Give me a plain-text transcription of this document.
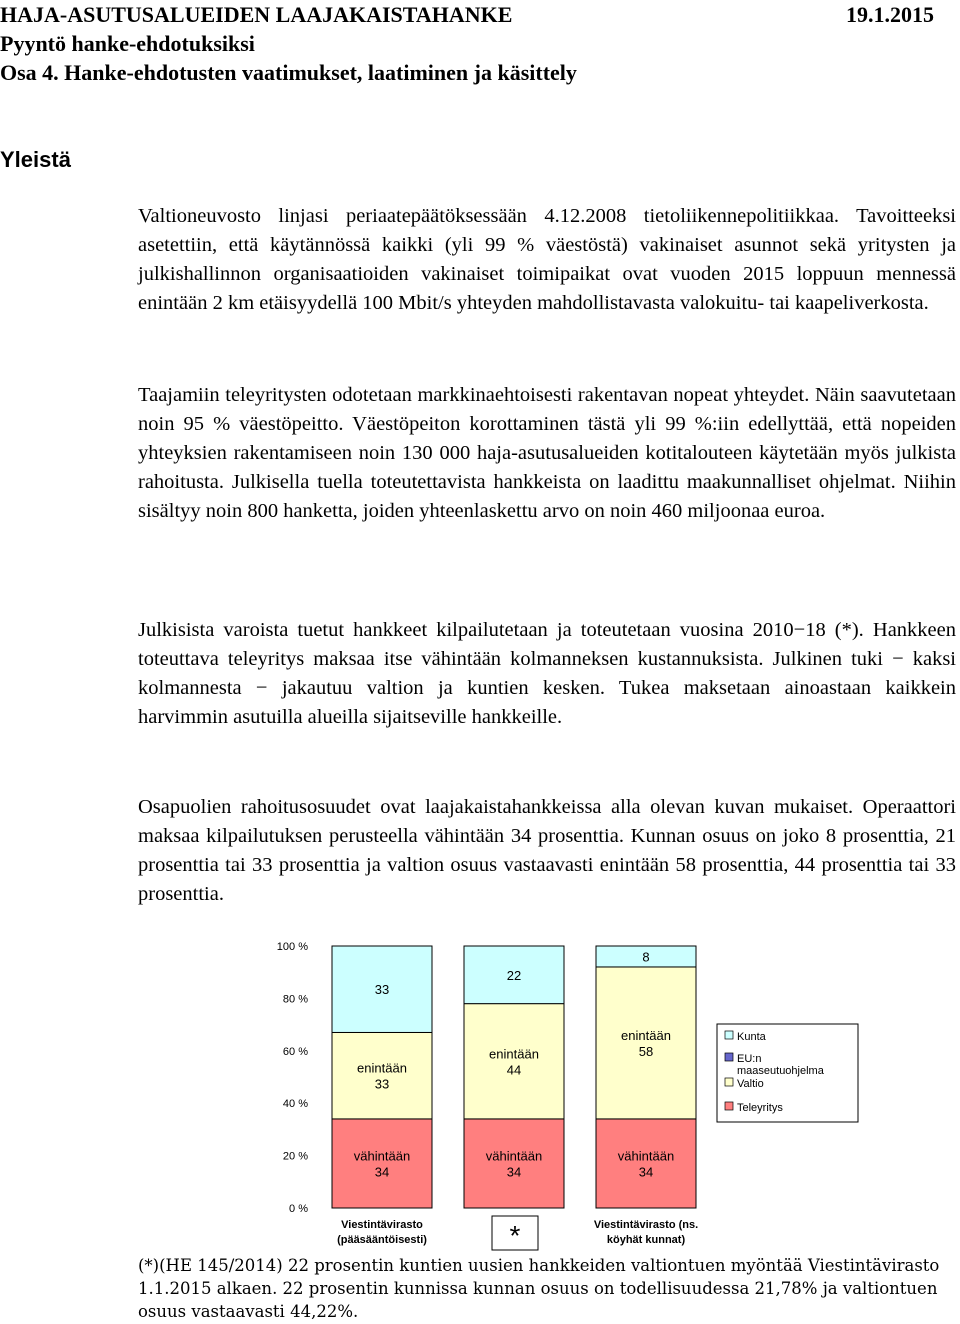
HAJA-ASUTUSALUEIDEN LAAJAKAISTAHANKE	19.1.2015
Pyyntö hanke-ehdotuksiksi
Osa 4. Hanke-ehdotusten vaatimukset, laatiminen ja käsittely
Yleistä

Valtioneuvosto linjasi periaatepäätöksessään 4.12.2008 tietoliikennepolitiikkaa. Tavoitteeksi asetettiin, että käytännössä kaikki (yli 99 % väestöstä) vakinaiset asunnot sekä yritysten ja julkishallinnon organisaatioiden vakinaiset toimipaikat ovat vuoden 2015 loppuun mennessä enintään 2 km etäisyydellä 100 Mbit/s yhteyden mahdollistavasta valokuitu- tai kaapeliverkosta.

Taajamiin teleyritysten odotetaan markkinaehtoisesti rakentavan nopeat yhteydet. Näin saavutetaan noin 95 % väestöpeitto. Väestöpeiton korottaminen tästä yli 99 %:iin edellyttää, että nopeiden yhteyksien rakentamiseen noin 130 000 haja-asutusalueiden kotitalouteen käytetään myös julkista rahoitusta. Julkisella tuella toteutettavista hankkeista on laadittu maakunnalliset ohjelmat. Niihin sisältyy noin 800 hanketta, joiden yhteenlaskettu arvo on noin 460 miljoonaa euroa.

Julkisista varoista tuetut hankkeet kilpailutetaan ja toteutetaan vuosina 2010−18 (*). Hankkeen toteuttava teleyritys maksaa itse vähintään kolmanneksen kustannuksista. Julkinen tuki − kaksi kolmannesta − jakautuu valtion ja kuntien kesken. Tukea maksetaan ainoastaan kaikkein harvimmin asutuilla alueilla sijaitseville hankkeille.

Osapuolien rahoitusosuudet ovat laajakaistahankkeissa alla olevan kuvan mukaiset. Operaattori maksaa kilpailutuksen perusteella vähintään 34 prosenttia. Kunnan osuus on joko 8 prosenttia, 21 prosenttia tai 33 prosenttia ja valtion osuus vastaavasti enintään 58 prosenttia, 44 prosenttia tai 33 prosenttia.

0 %
20 %
40 %
60 %
80 %
100 %
vähintään 34
enintään 33
33
Viestintävirasto (pääsääntöisesti)
vähintään 34
enintään 44
22
*
vähintään 34
enintään 58
8
Viestintävirasto (ns. köyhät kunnat)
Kunta
EU:n maaseutuohjelma
Valtio
Teleyritys
(*)(HE 145/2014) 22 prosentin kuntien uusien hankkeiden valtiontuen myöntää Viestintävirasto 1.1.2015 alkaen. 22 prosentin kunnissa kunnan osuus on todellisuudessa 21,78% ja valtiontuen osuus vastaavasti 44,22%.
